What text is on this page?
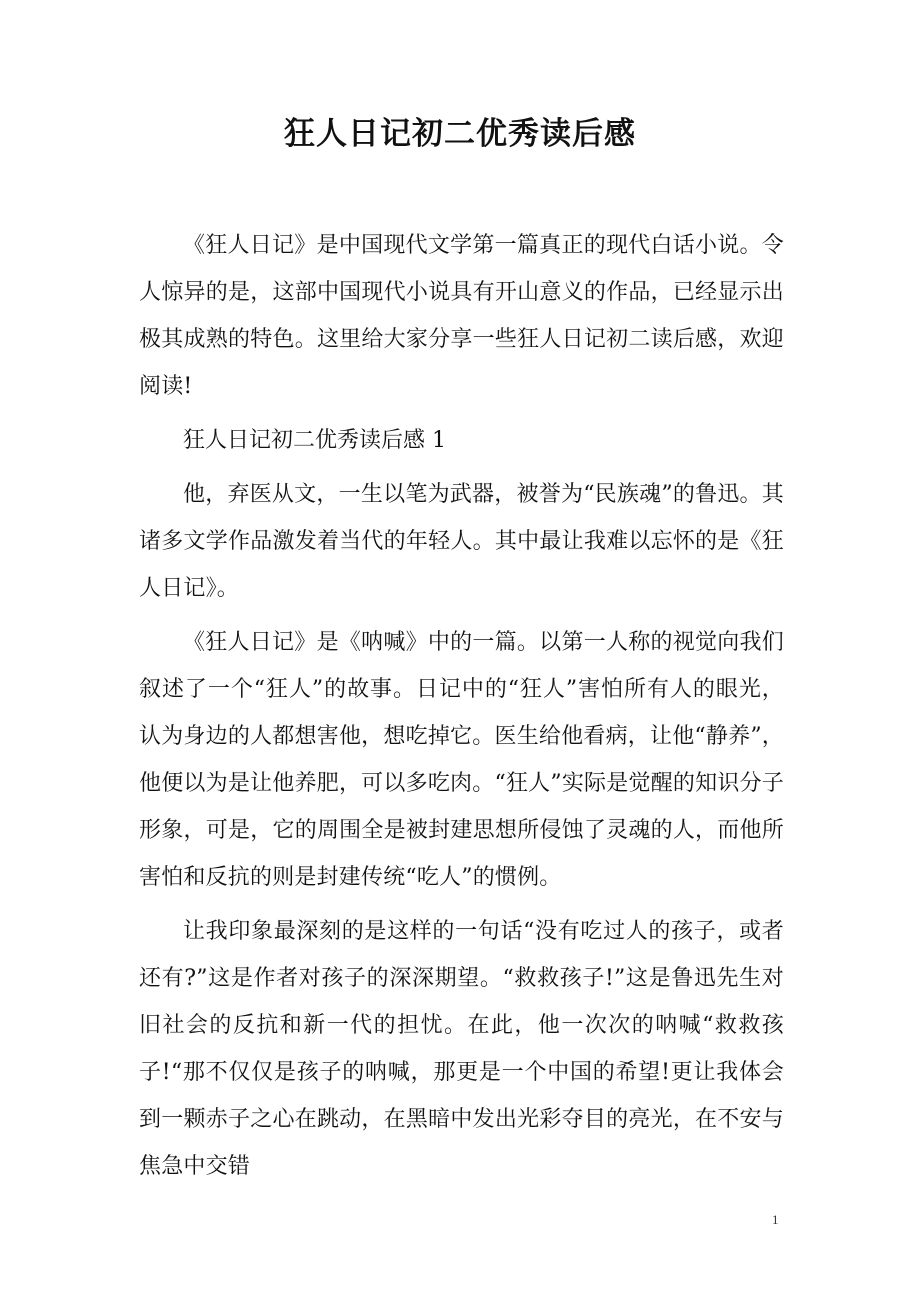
狂人日记初二优秀读后感

《狂人日记》是中国现代文学第一篇真正的现代白话小说。令人惊异的是，这部中国现代小说具有开山意义的作品，已经显示出极其成熟的特色。这里给大家分享一些狂人日记初二读后感，欢迎阅读!

狂人日记初二优秀读后感 1

他，弃医从文，一生以笔为武器，被誉为“民族魂”的鲁迅。其诸多文学作品激发着当代的年轻人。其中最让我难以忘怀的是《狂人日记》。

《狂人日记》是《呐喊》中的一篇。以第一人称的视觉向我们叙述了一个“狂人”的故事。日记中的“狂人”害怕所有人的眼光，认为身边的人都想害他，想吃掉它。医生给他看病，让他“静养”，他便以为是让他养肥，可以多吃肉。“狂人”实际是觉醒的知识分子形象，可是，它的周围全是被封建思想所侵蚀了灵魂的人，而他所害怕和反抗的则是封建传统“吃人”的惯例。

让我印象最深刻的是这样的一句话“没有吃过人的孩子，或者还有?”这是作者对孩子的深深期望。“救救孩子!”这是鲁迅先生对旧社会的反抗和新一代的担忧。在此，他一次次的呐喊“救救孩子!“那不仅仅是孩子的呐喊，那更是一个中国的希望!更让我体会到一颗赤子之心在跳动，在黑暗中发出光彩夺目的亮光，在不安与焦急中交错

1
